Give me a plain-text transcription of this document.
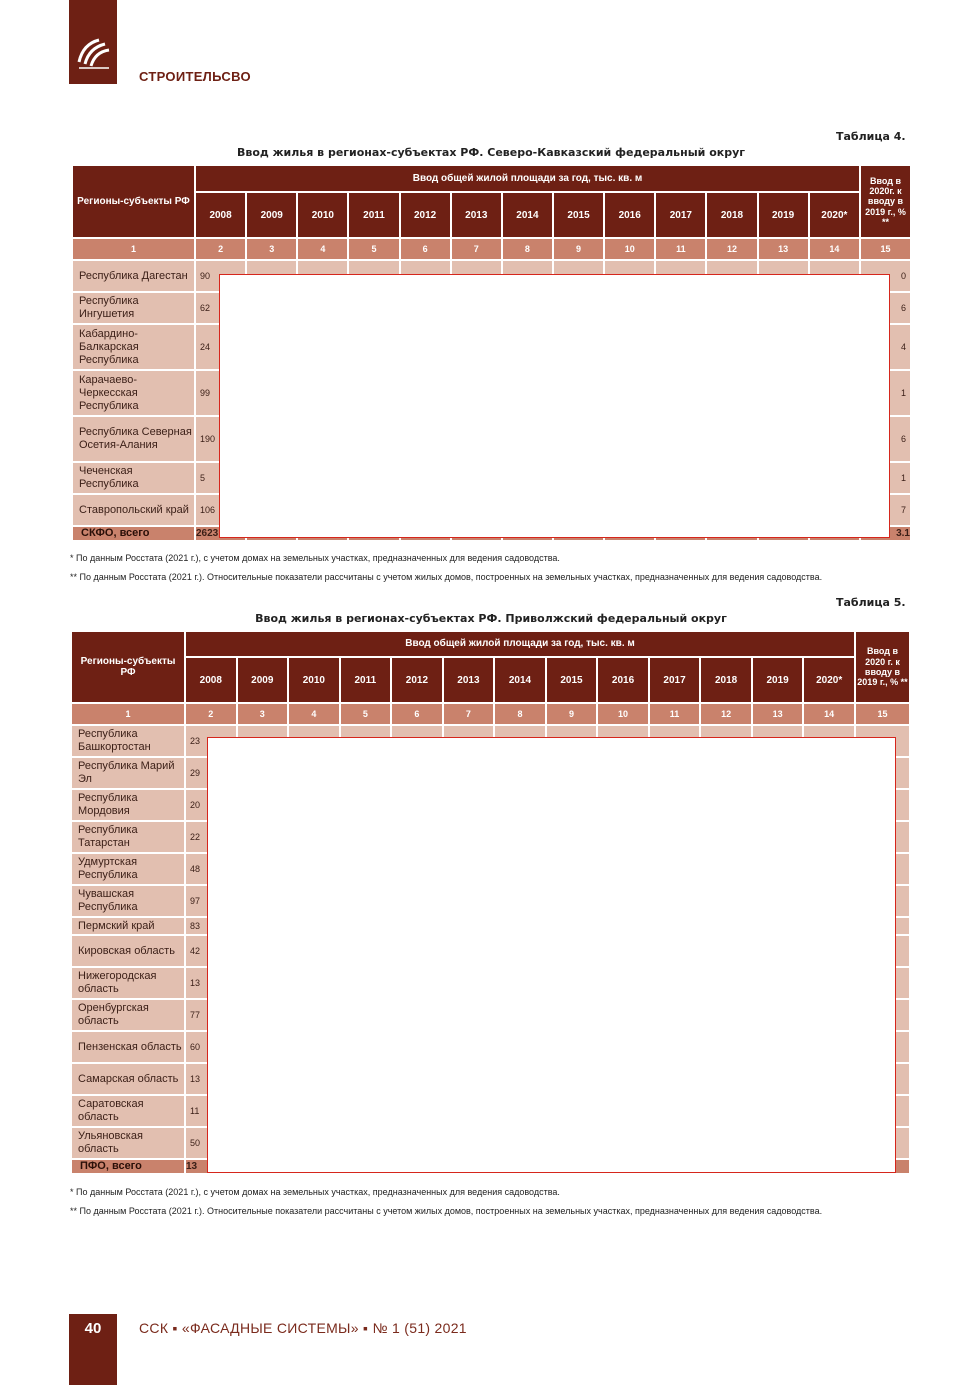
СТРОИТЕЛЬСВО
Таблица 4.
Ввод жилья в регионах-субъектах РФ. Северо-Кавказский федеральный округ
Регионы-субъекты РФ	Ввод общей жилой площади за год, тыс. кв. м													Ввод в 2020г. к вводу в 2019 г., % **
	2008	2009	2010	2011	2012	2013	2014	2015	2016	2017	2018	2019	2020*	
1	2	3	4	5	6	7	8	9	10	11	12	13	14	15
Республика Дагестан	90													0
Республика Ингушетия	62													6
Кабардино-Балкарская Республика	24													4
Карачаево-Черкесская Республика	99													1
Республика Северная Осетия-Алания	190													6
Чеченская Республика	5													1
Ставропольский край	106													7
СКФО, всего	2623													3.1
* По данным Росстата (2021 г.), с учетом домах на земельных участках, предназначенных для ведения садоводства.
** По данным Росстата (2021 г.). Относительные показатели рассчитаны с учетом жилых домов, построенных на земельных участках, предназначенных для ведения садоводства.
Таблица 5.
Ввод жилья в регионах-субъектах РФ. Приволжский федеральный округ
Регионы-субъекты РФ	Ввод общей жилой площади за год, тыс. кв. м													Ввод в 2020 г. к вводу в 2019 г., % **
	2008	2009	2010	2011	2012	2013	2014	2015	2016	2017	2018	2019	2020*	
1	2	3	4	5	6	7	8	9	10	11	12	13	14	15
Республика Башкортостан	23													
Республика Марий Эл	29													
Республика Мордовия	20													
Республика Татарстан	22													
Удмуртская Республика	48													
Чувашская Республика	97													
Пермский край	83													
Кировская область	42													
Нижегородская область	13													
Оренбургская область	77													
Пензенская область	60													
Самарская область	13													
Саратовская область	11													
Ульяновская область	50													
ПФО, всего	13													
* По данным Росстата (2021 г.), с учетом домах на земельных участках, предназначенных для ведения садоводства.
** По данным Росстата (2021 г.). Относительные показатели рассчитаны с учетом жилых домов, построенных на земельных участках, предназначенных для ведения садоводства.
40	ССК ▪ «ФАСАДНЫЕ СИСТЕМЫ» ▪ № 1 (51) 2021
